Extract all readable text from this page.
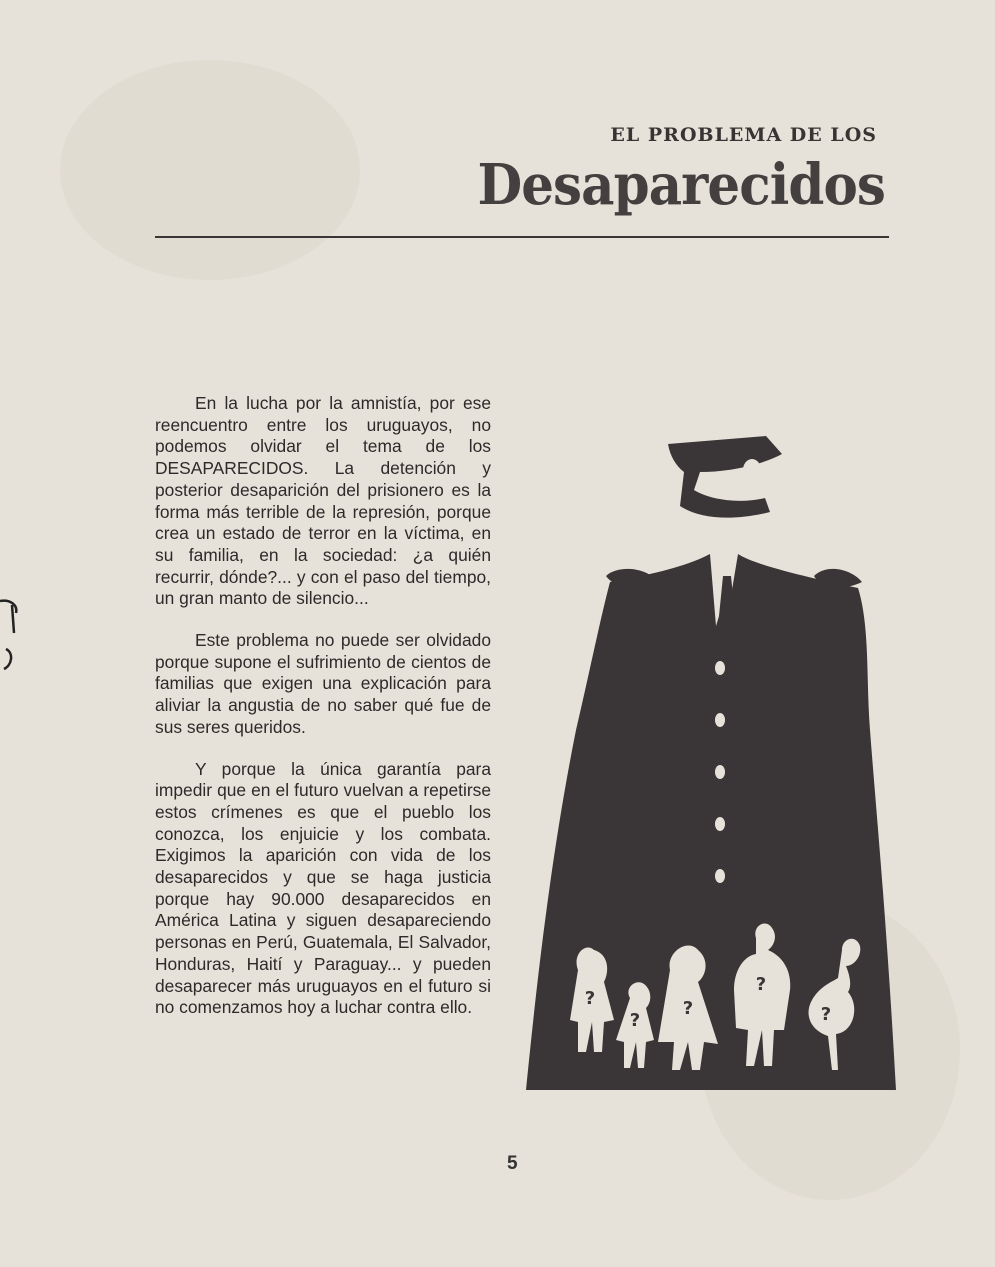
EL PROBLEMA DE LOS
Desaparecidos

En la lucha por la amnistía, por ese reencuentro entre los uruguayos, no podemos olvidar el tema de los DESAPARECIDOS. La detención y posterior desaparición del prisionero es la forma más terrible de la represión, porque crea un estado de terror en la víctima, en su familia, en la sociedad: ¿a quién recurrir, dónde?... y con el paso del tiempo, un gran manto de silencio...

Este problema no puede ser olvidado porque supone el sufrimiento de cientos de familias que exigen una explicación para aliviar la angustia de no saber qué fue de sus seres queridos.

Y porque la única garantía para impedir que en el futuro vuelvan a repetirse estos crímenes es que el pueblo los conozca, los enjuicie y los combata. Exigimos la aparición con vida de los desaparecidos y que se haga justicia porque hay 90.000 desaparecidos en América Latina y siguen desapareciendo personas en Perú, Guatemala, El Salvador, Honduras, Haití y Paraguay... y pueden desaparecer más uruguayos en el futuro si no comenzamos hoy a luchar contra ello.	?
?
?
?
?
5
